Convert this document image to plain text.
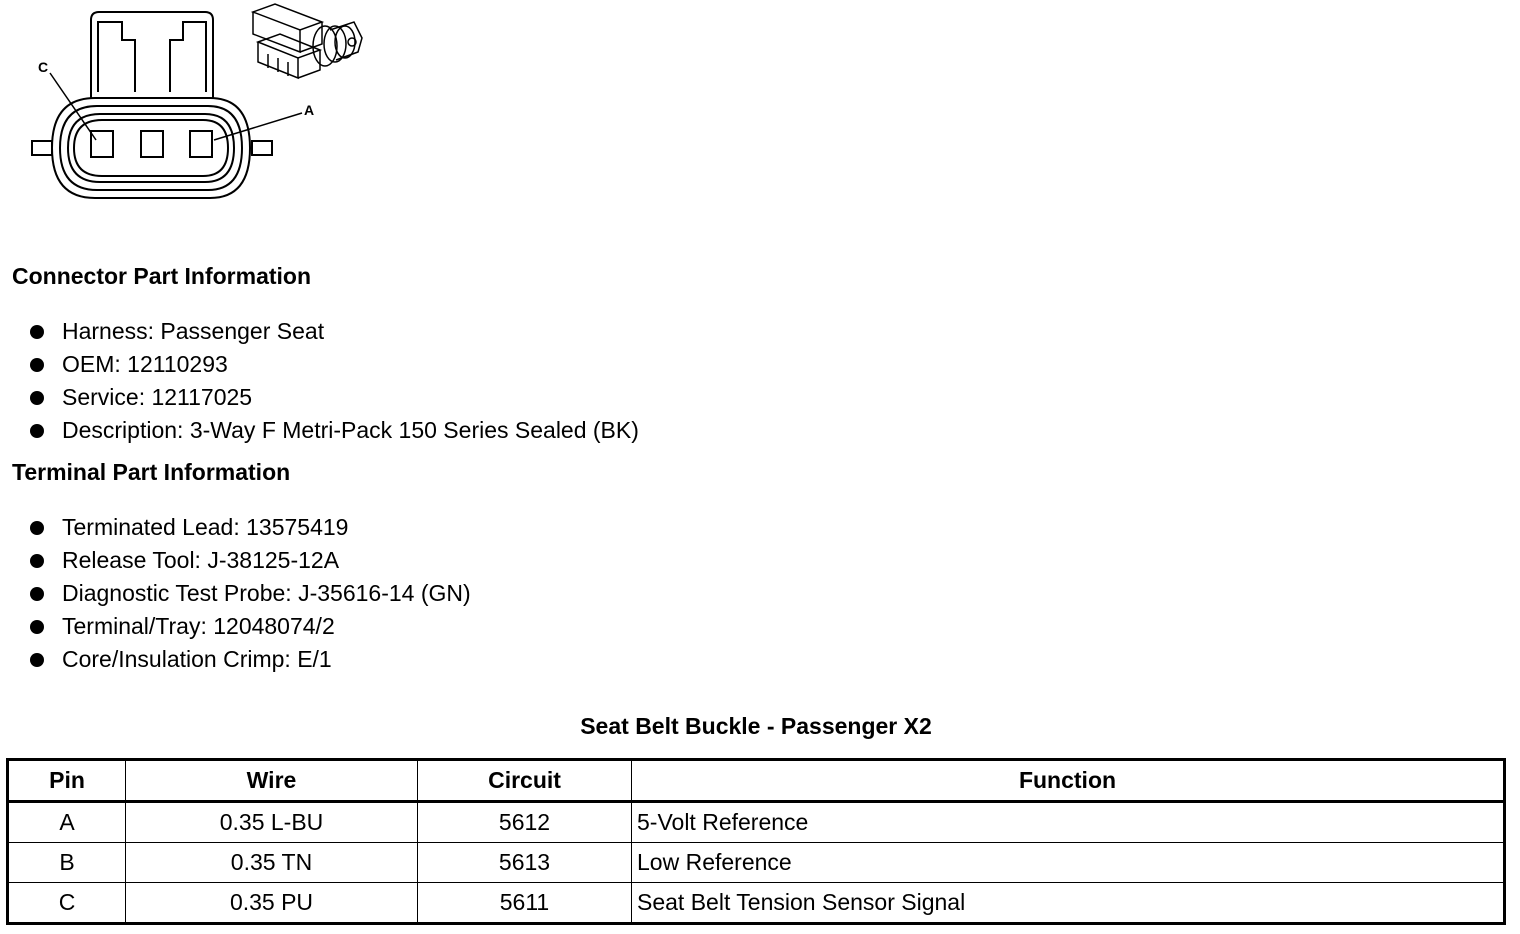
C
A
Connector Part Information
Harness: Passenger Seat
OEM: 12110293
Service: 12117025
Description: 3-Way F Metri-Pack 150 Series Sealed (BK)
Terminal Part Information
Terminated Lead: 13575419
Release Tool: J-38125-12A
Diagnostic Test Probe: J-35616-14 (GN)
Terminal/Tray: 12048074/2
Core/Insulation Crimp: E/1
Seat Belt Buckle - Passenger X2
Pin	Wire	Circuit	Function
A	0.35 L-BU	5612	5-Volt Reference
B	0.35 TN	5613	Low Reference
C	0.35 PU	5611	Seat Belt Tension Sensor Signal
